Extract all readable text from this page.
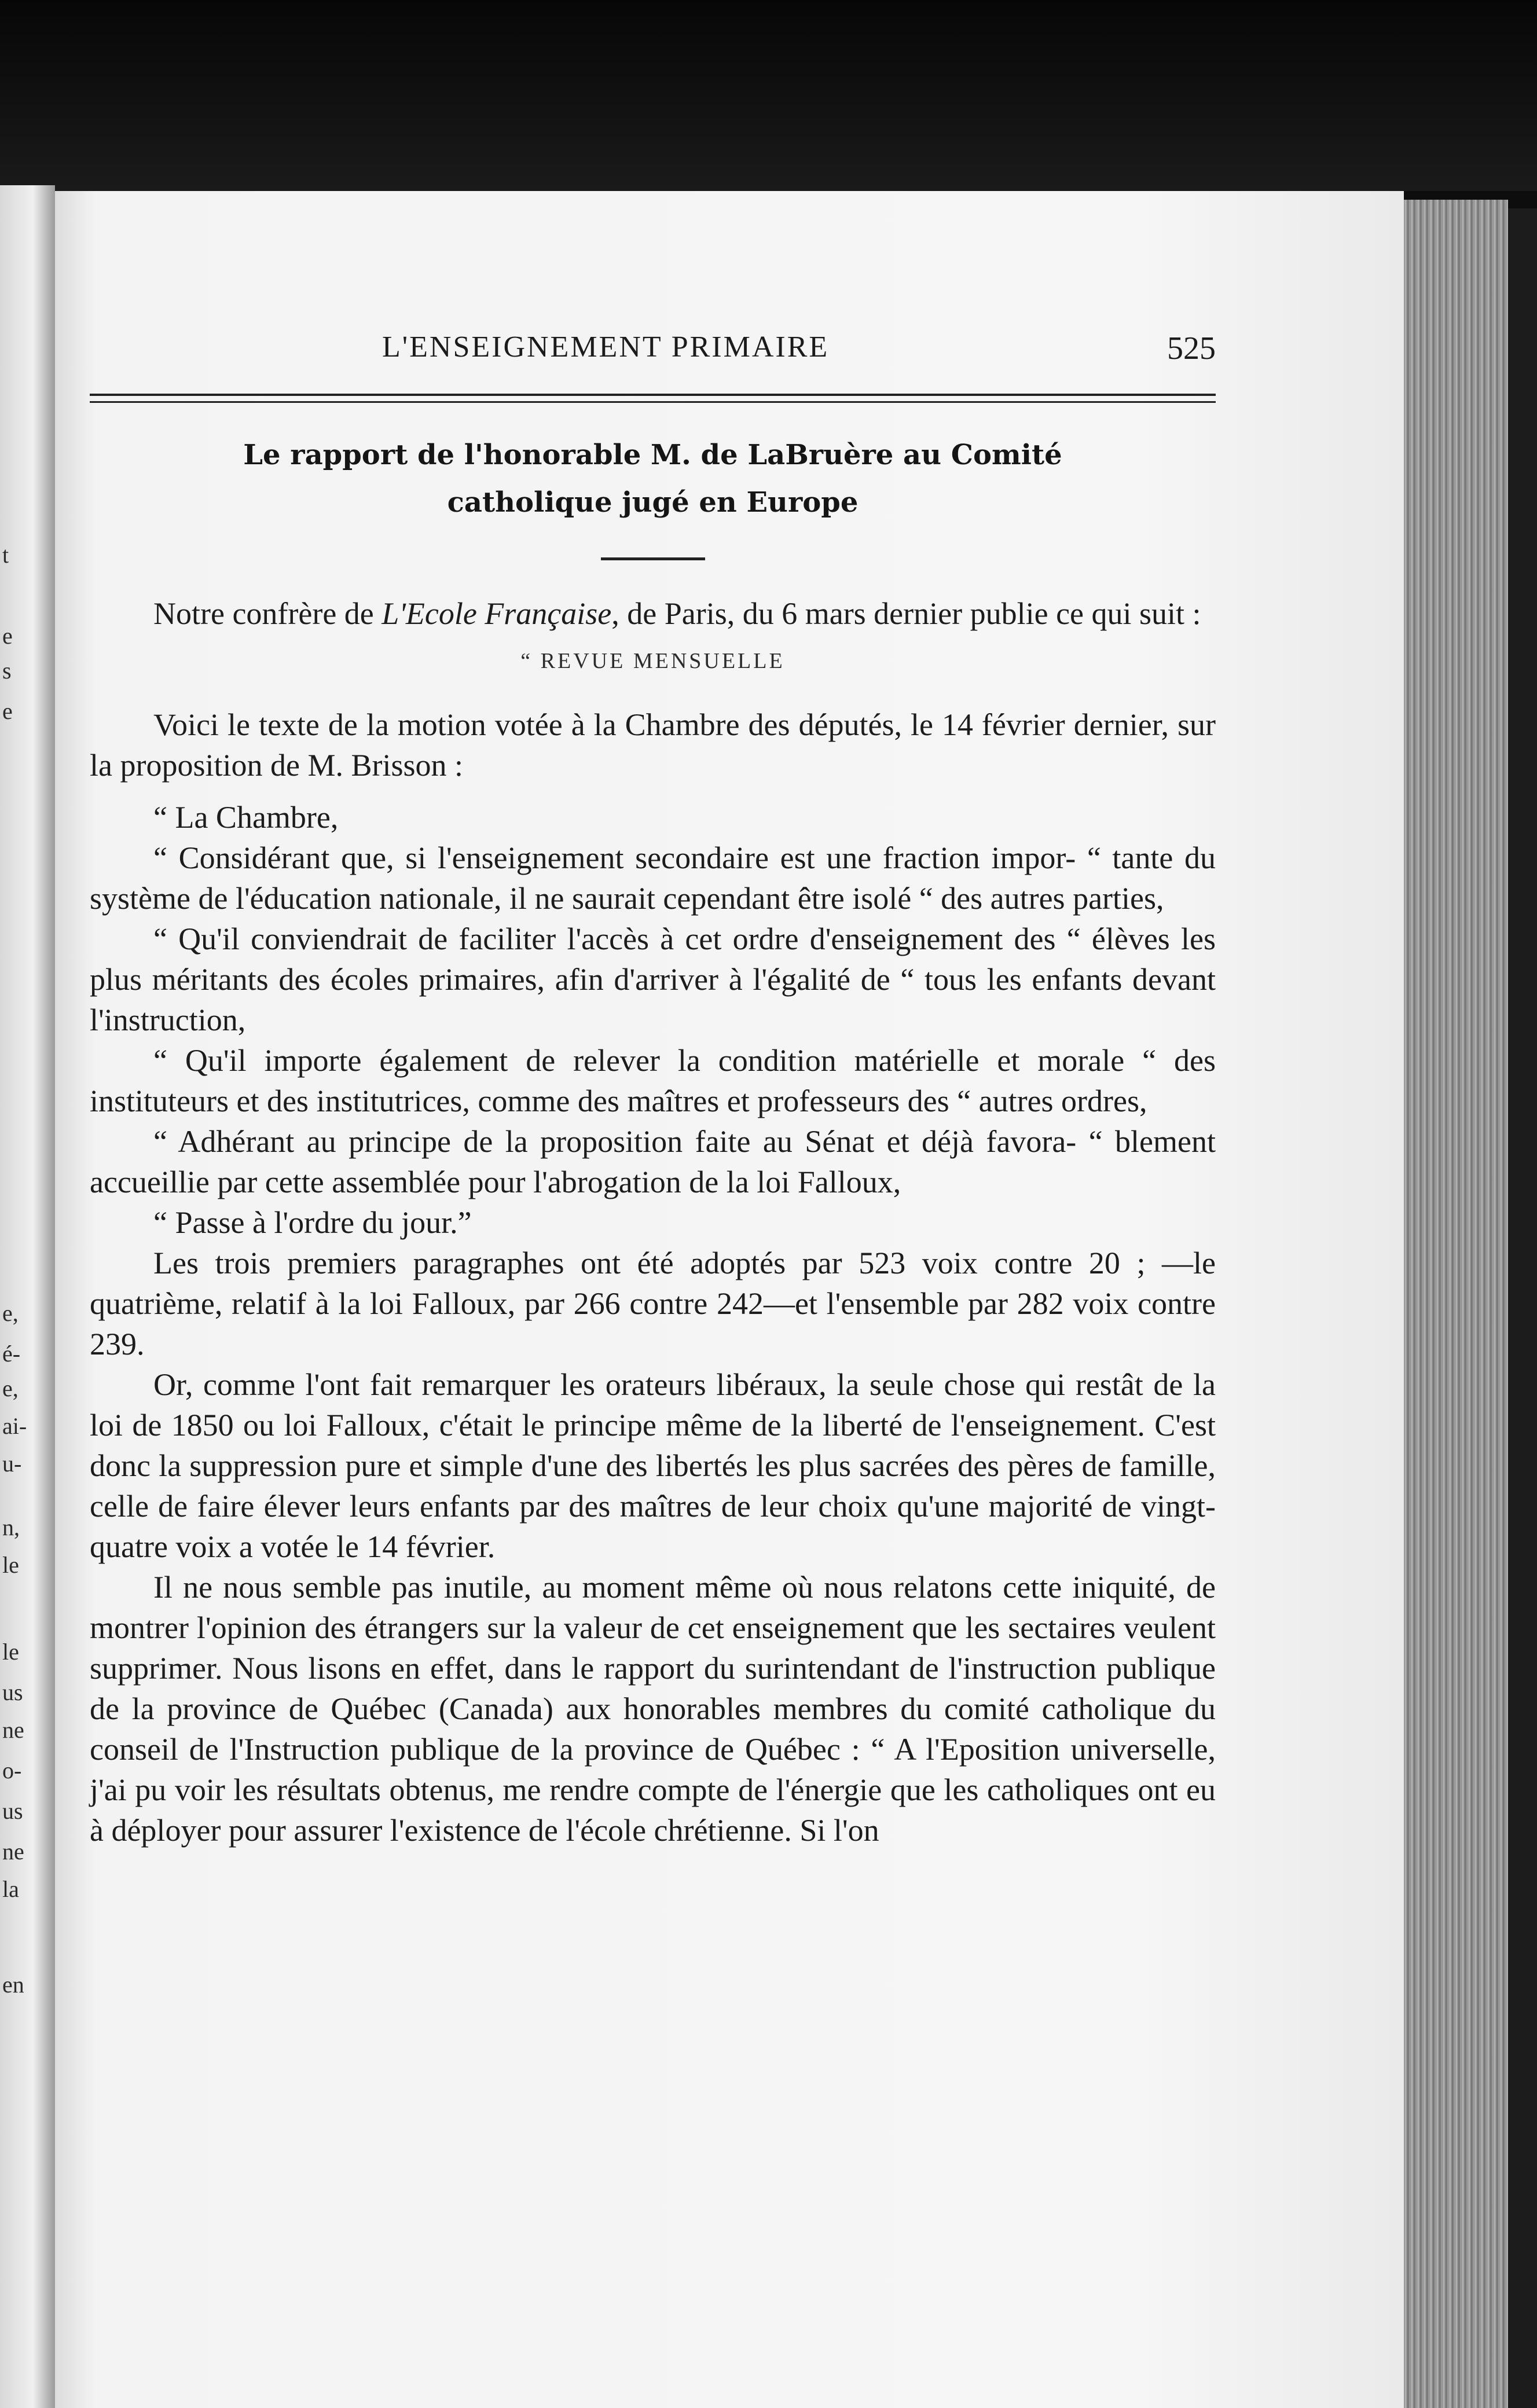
t
e
s
e
e,
é-
e,
ai-
u-
n,
le
le
us
ne
o-
us
ne
la
en
L'ENSEIGNEMENT PRIMAIRE	525
Le rapport de l'honorable M. de LaBruère au Comité
catholique jugé en Europe

Notre confrère de L'Ecole Française, de Paris, du 6 mars dernier publie ce qui suit :

“ REVUE MENSUELLE

Voici le texte de la motion votée à la Chambre des députés, le 14 février dernier, sur la proposition de M. Brisson :

“ La Chambre,

“ Considérant que, si l'enseignement secondaire est une fraction impor- “ tante du système de l'éducation nationale, il ne saurait cependant être isolé “ des autres parties,

“ Qu'il conviendrait de faciliter l'accès à cet ordre d'enseignement des “ élèves les plus méritants des écoles primaires, afin d'arriver à l'égalité de “ tous les enfants devant l'instruction,

“ Qu'il importe également de relever la condition matérielle et morale “ des instituteurs et des institutrices, comme des maîtres et professeurs des “ autres ordres,

“ Adhérant au principe de la proposition faite au Sénat et déjà favora- “ blement accueillie par cette assemblée pour l'abrogation de la loi Falloux,

“ Passe à l'ordre du jour.”

Les trois premiers paragraphes ont été adoptés par 523 voix contre 20 ; —le quatrième, relatif à la loi Falloux, par 266 contre 242—et l'ensemble par 282 voix contre 239.

Or, comme l'ont fait remarquer les orateurs libéraux, la seule chose qui restât de la loi de 1850 ou loi Falloux, c'était le principe même de la liberté de l'enseignement. C'est donc la suppression pure et simple d'une des libertés les plus sacrées des pères de famille, celle de faire élever leurs enfants par des maîtres de leur choix qu'une majorité de vingt-quatre voix a votée le 14 février.

Il ne nous semble pas inutile, au moment même où nous relatons cette iniquité, de montrer l'opinion des étrangers sur la valeur de cet enseignement que les sectaires veulent supprimer. Nous lisons en effet, dans le rapport du surintendant de l'instruction publique de la province de Québec (Canada) aux honorables membres du comité catholique du conseil de l'Instruction publique de la province de Québec : “ A l'Eposition universelle, j'ai pu voir les résultats obtenus, me rendre compte de l'énergie que les catholiques ont eu à déployer pour assurer l'existence de l'école chrétienne. Si l'on
